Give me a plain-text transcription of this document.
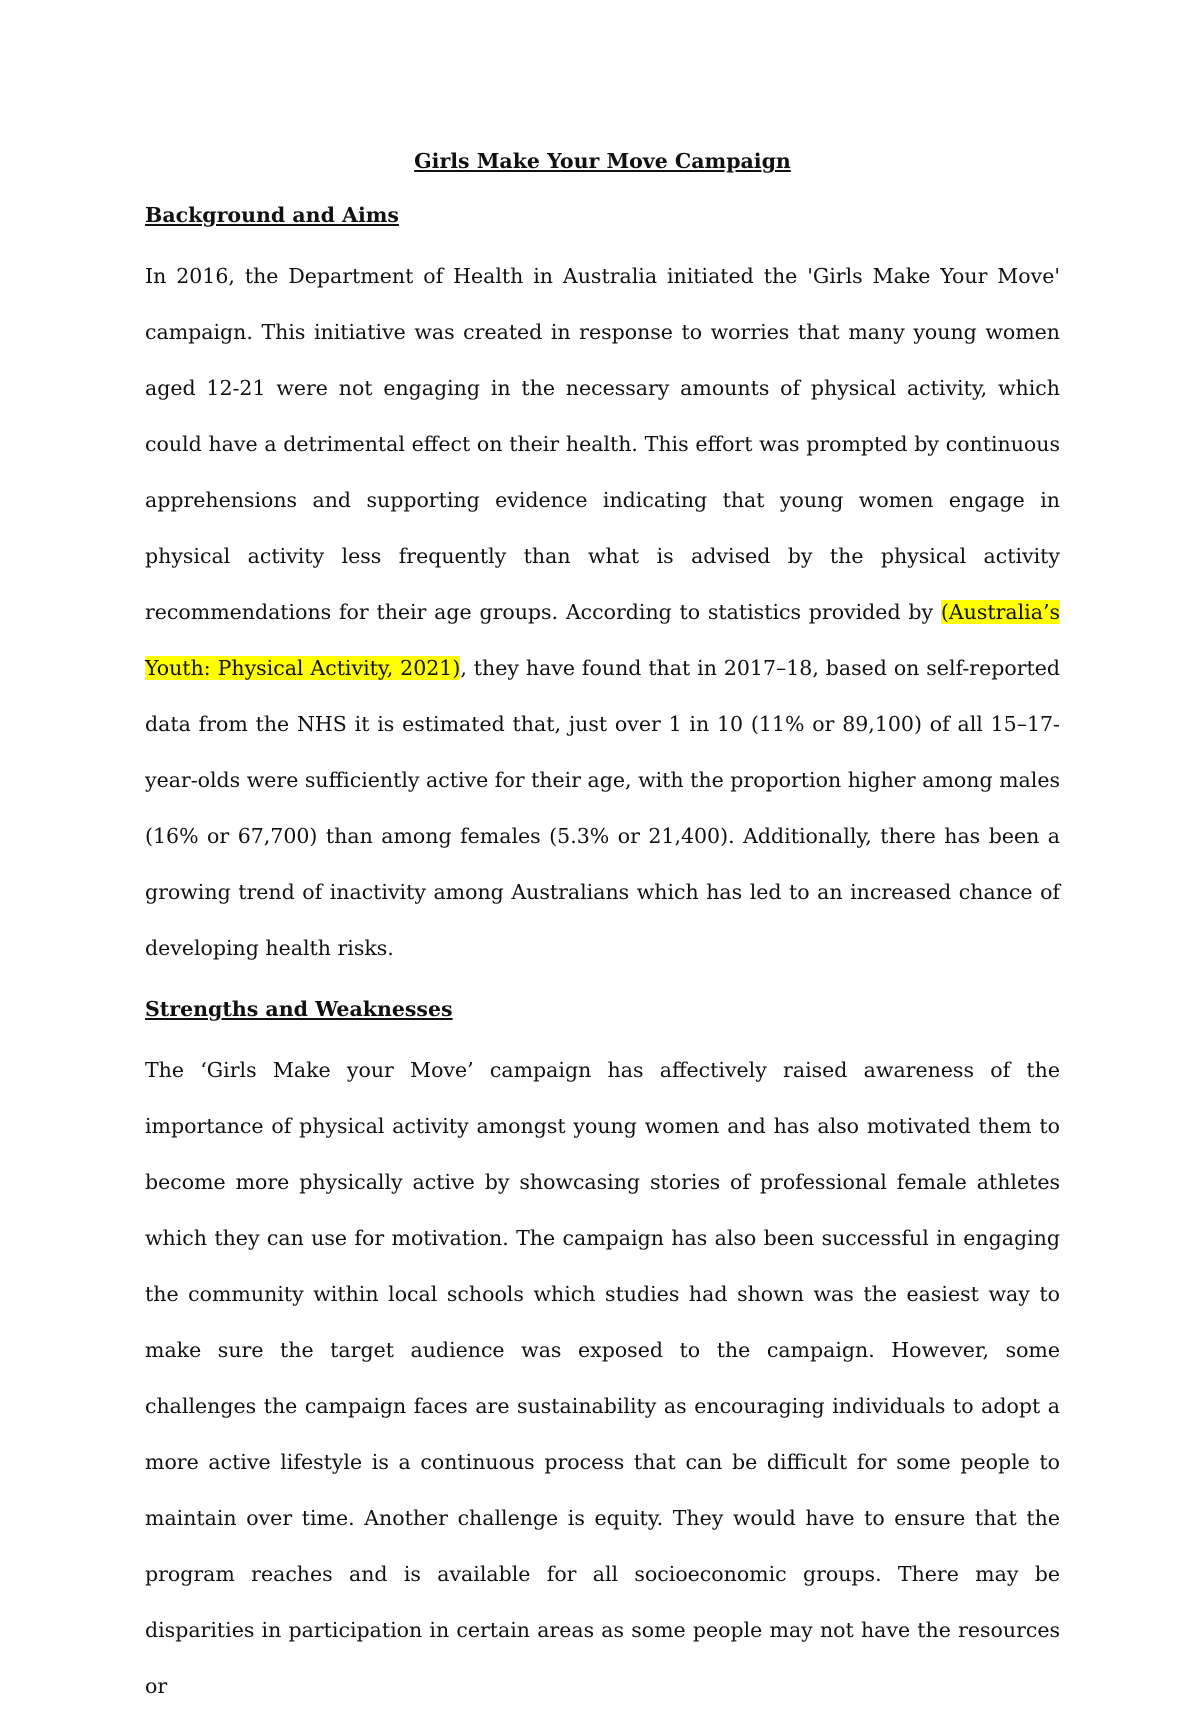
Girls Make Your Move Campaign
Background and Aims

In 2016, the Department of Health in Australia initiated the 'Girls Make Your Move' campaign. This initiative was created in response to worries that many young women aged 12-21 were not engaging in the necessary amounts of physical activity, which could have a detrimental effect on their health. This effort was prompted by continuous apprehensions and supporting evidence indicating that young women engage in physical activity less frequently than what is advised by the physical activity recommendations for their age groups. According to statistics provided by (Australia’s Youth: Physical Activity, 2021), they have found that in 2017–18, based on self-reported data from the NHS it is estimated that, just over 1 in 10 (11% or 89,100) of all 15–17-year-olds were sufficiently active for their age, with the proportion higher among males (16% or 67,700) than among females (5.3% or 21,400). Additionally, there has been a growing trend of inactivity among Australians which has led to an increased chance of developing health risks.

Strengths and Weaknesses

The ‘Girls Make your Move’ campaign has affectively raised awareness of the importance of physical activity amongst young women and has also motivated them to become more physically active by showcasing stories of professional female athletes which they can use for motivation. The campaign has also been successful in engaging the community within local schools which studies had shown was the easiest way to make sure the target audience was exposed to the campaign. However, some challenges the campaign faces are sustainability as encouraging individuals to adopt a more active lifestyle is a continuous process that can be difficult for some people to maintain over time. Another challenge is equity. They would have to ensure that the program reaches and is available for all socioeconomic groups. There may be disparities in participation in certain areas as some people may not have the resources or
